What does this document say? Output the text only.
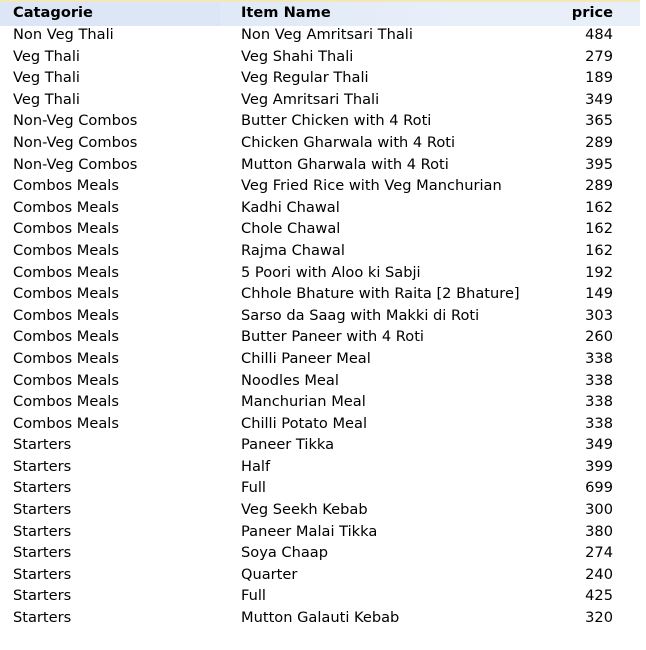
Catagorie	Item Name	price
Non Veg Thali	Non Veg Amritsari Thali	484
Veg Thali	Veg Shahi Thali	279
Veg Thali	Veg Regular Thali	189
Veg Thali	Veg Amritsari Thali	349
Non-Veg Combos	Butter Chicken with 4 Roti	365
Non-Veg Combos	Chicken Gharwala with 4 Roti	289
Non-Veg Combos	Mutton Gharwala with 4 Roti	395
Combos Meals	Veg Fried Rice with Veg Manchurian	289
Combos Meals	Kadhi Chawal	162
Combos Meals	Chole Chawal	162
Combos Meals	Rajma Chawal	162
Combos Meals	5 Poori with Aloo ki Sabji	192
Combos Meals	Chhole Bhature with Raita [2 Bhature]	149
Combos Meals	Sarso da Saag with Makki di Roti	303
Combos Meals	Butter Paneer with 4 Roti	260
Combos Meals	Chilli Paneer Meal	338
Combos Meals	Noodles Meal	338
Combos Meals	Manchurian Meal	338
Combos Meals	Chilli Potato Meal	338
Starters	Paneer Tikka	349
Starters	Half	399
Starters	Full	699
Starters	Veg Seekh Kebab	300
Starters	Paneer Malai Tikka	380
Starters	Soya Chaap	274
Starters	Quarter	240
Starters	Full	425
Starters	Mutton Galauti Kebab	320
